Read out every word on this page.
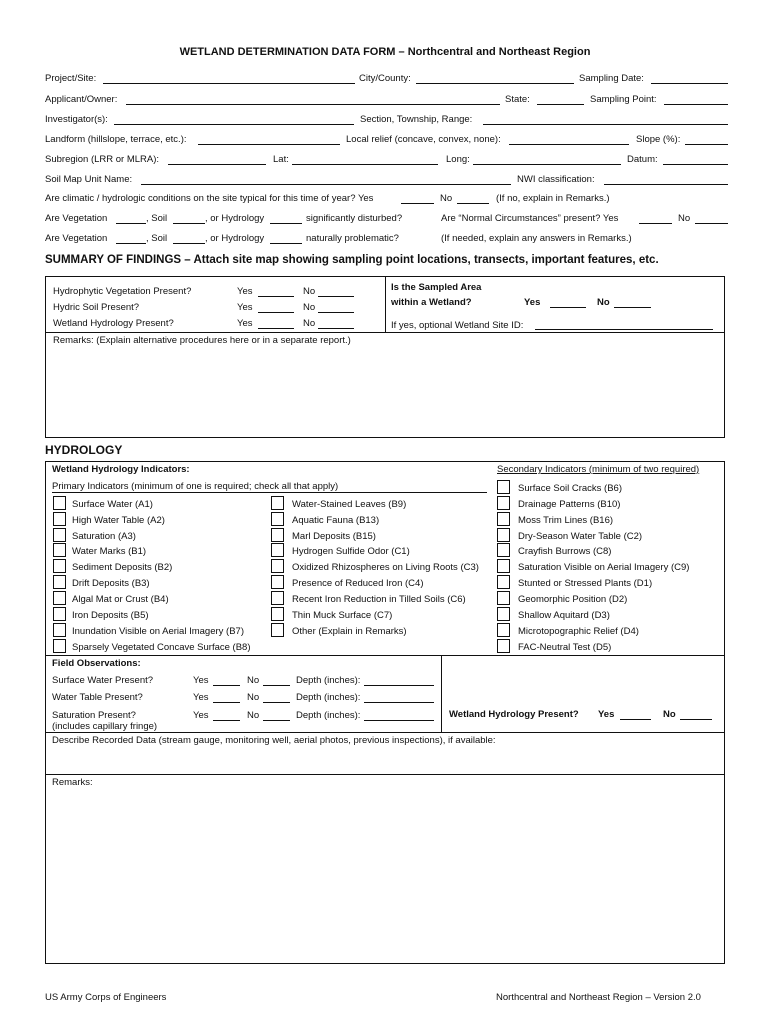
WETLAND DETERMINATION DATA FORM – Northcentral and Northeast Region
Project/Site:	City/County:	Sampling Date:
Applicant/Owner:	State:	Sampling Point:
Investigator(s):	Section, Township, Range:
Landform (hillslope, terrace, etc.):	Local relief (concave, convex, none):	Slope (%):
Subregion (LRR or MLRA):	Lat:	Long:	Datum:
Soil Map Unit Name:	NWI classification:
Are climatic / hydrologic conditions on the site typical for this time of year? Yes	No	(If no, explain in Remarks.)
Are Vegetation	, Soil	, or Hydrology	significantly disturbed?	Are “Normal Circumstances” present? Yes	No
Are Vegetation	, Soil	, or Hydrology	naturally problematic?	(If needed, explain any answers in Remarks.)
SUMMARY OF FINDINGS – Attach site map showing sampling point locations, transects, important features, etc.
Hydrophytic Vegetation Present?	Yes	No
Hydric Soil Present?	Yes	No
Wetland Hydrology Present?	Yes	No
Is the Sampled Area
within a Wetland?	Yes	No
If yes, optional Wetland Site ID:
Remarks: (Explain alternative procedures here or in a separate report.)
HYDROLOGY
Wetland Hydrology Indicators:	Secondary Indicators (minimum of two required)
Primary Indicators (minimum of one is required; check all that apply)
Surface Water (A1)
High Water Table (A2)
Saturation (A3)
Water Marks (B1)
Sediment Deposits (B2)
Drift Deposits (B3)
Algal Mat or Crust (B4)
Iron Deposits (B5)
Inundation Visible on Aerial Imagery (B7)
Sparsely Vegetated Concave Surface (B8)
Water-Stained Leaves (B9)
Aquatic Fauna (B13)
Marl Deposits (B15)
Hydrogen Sulfide Odor (C1)
Oxidized Rhizospheres on Living Roots (C3)
Presence of Reduced Iron (C4)
Recent Iron Reduction in Tilled Soils (C6)
Thin Muck Surface (C7)
Other (Explain in Remarks)
Surface Soil Cracks (B6)
Drainage Patterns (B10)
Moss Trim Lines (B16)
Dry-Season Water Table (C2)
Crayfish Burrows (C8)
Saturation Visible on Aerial Imagery (C9)
Stunted or Stressed Plants (D1)
Geomorphic Position (D2)
Shallow Aquitard (D3)
Microtopographic Relief (D4)
FAC-Neutral Test (D5)
Field Observations:
Surface Water Present?	Yes	No	Depth (inches):
Water Table Present?	Yes	No	Depth (inches):
Saturation Present?	Yes	No	Depth (inches):
(includes capillary fringe)
Wetland Hydrology Present? Yes	No
Describe Recorded Data (stream gauge, monitoring well, aerial photos, previous inspections), if available:
Remarks:
US Army Corps of Engineers	Northcentral and Northeast Region – Version 2.0
